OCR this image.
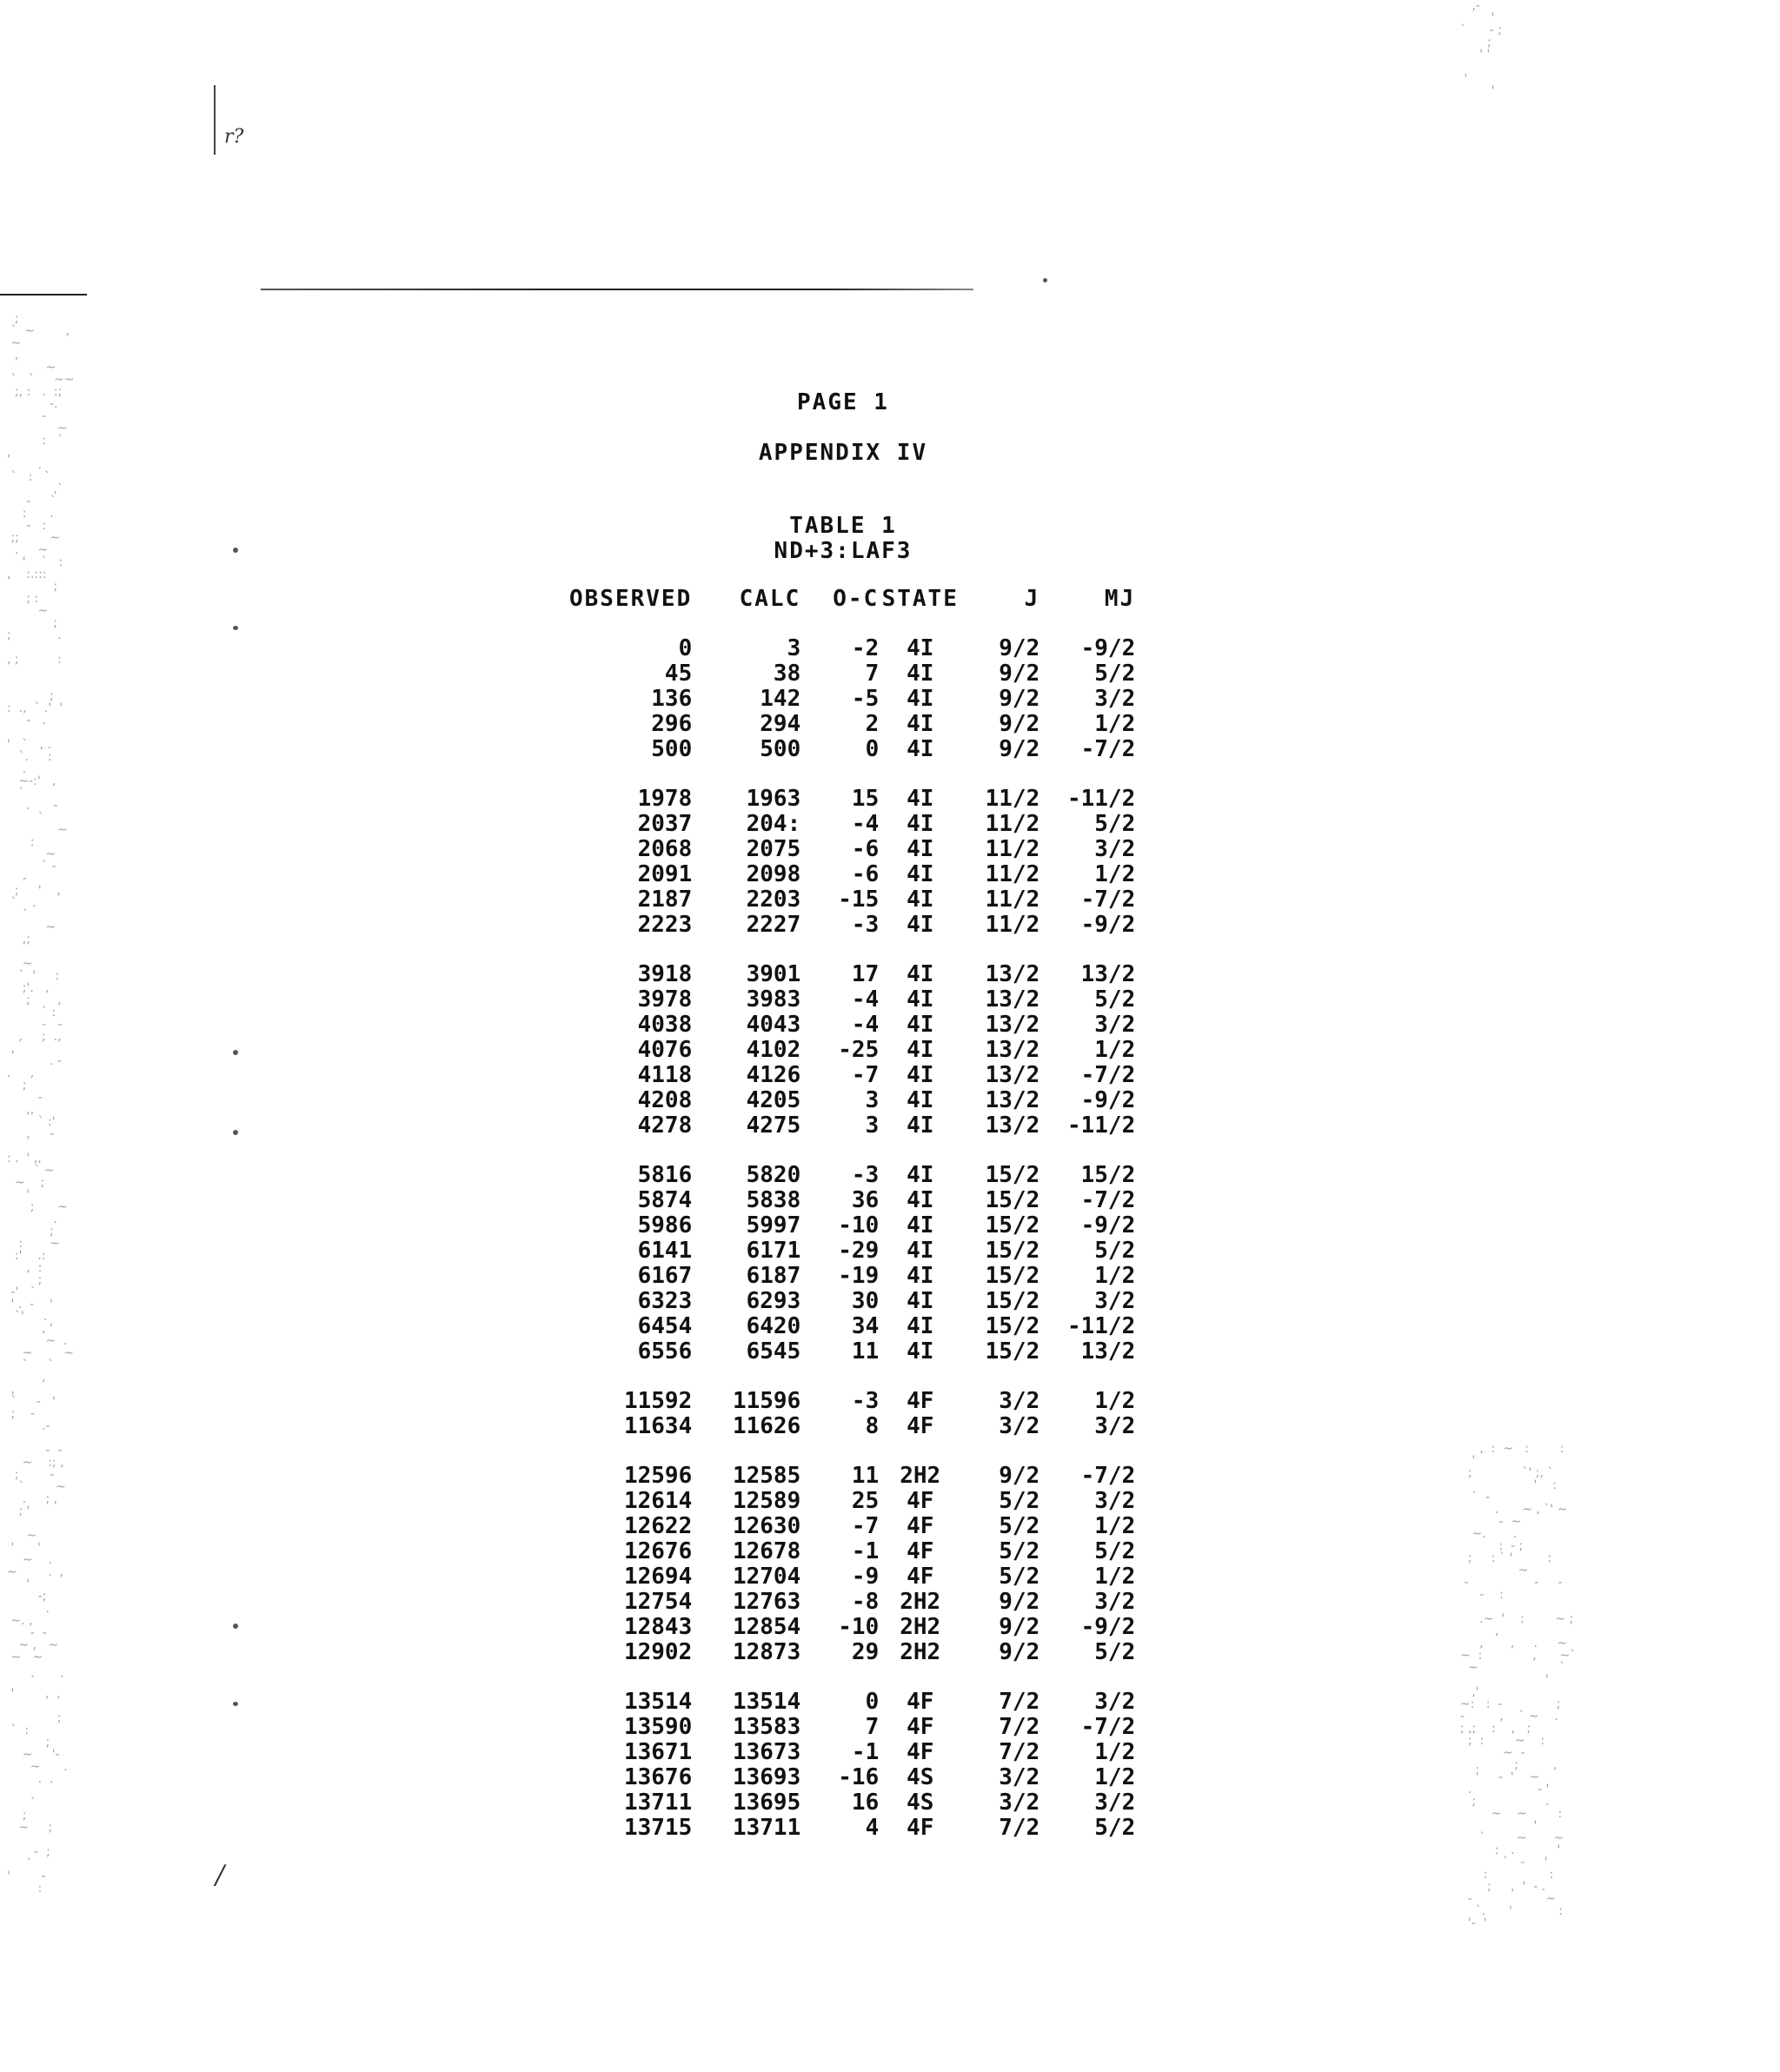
r?
PAGE 1
APPENDIX IV
TABLE 1
ND+3:LAF3
OBSERVED	CALC	O-C	STATE	J	MJ
0	3	-2	4I	9/2	-9/2
45	38	7	4I	9/2	5/2
136	142	-5	4I	9/2	3/2
296	294	2	4I	9/2	1/2
500	500	0	4I	9/2	-7/2

1978	1963	15	4I	11/2	-11/2
2037	204:	-4	4I	11/2	5/2
2068	2075	-6	4I	11/2	3/2
2091	2098	-6	4I	11/2	1/2
2187	2203	-15	4I	11/2	-7/2
2223	2227	-3	4I	11/2	-9/2

3918	3901	17	4I	13/2	13/2
3978	3983	-4	4I	13/2	5/2
4038	4043	-4	4I	13/2	3/2
4076	4102	-25	4I	13/2	1/2
4118	4126	-7	4I	13/2	-7/2
4208	4205	3	4I	13/2	-9/2
4278	4275	3	4I	13/2	-11/2

5816	5820	-3	4I	15/2	15/2
5874	5838	36	4I	15/2	-7/2
5986	5997	-10	4I	15/2	-9/2
6141	6171	-29	4I	15/2	5/2
6167	6187	-19	4I	15/2	1/2
6323	6293	30	4I	15/2	3/2
6454	6420	34	4I	15/2	-11/2
6556	6545	11	4I	15/2	13/2

11592	11596	-3	4F	3/2	1/2
11634	11626	8	4F	3/2	3/2

12596	12585	11	2H2	9/2	-7/2
12614	12589	25	4F	5/2	3/2
12622	12630	-7	4F	5/2	1/2
12676	12678	-1	4F	5/2	5/2
12694	12704	-9	4F	5/2	1/2
12754	12763	-8	2H2	9/2	3/2
12843	12854	-10	2H2	9/2	-9/2
12902	12873	29	2H2	9/2	5/2

13514	13514	0	4F	7/2	3/2
13590	13583	7	4F	7/2	-7/2
13671	13673	-1	4F	7/2	1/2
13676	13693	-16	4S	3/2	1/2
13711	13695	16	4S	3/2	3/2
13715	13711	4	4F	7/2	5/2
;
`  ~        ,
~
,
~
`   `     ~~
;, :   .  :;
-.
-
~
:   `
,
.
`   :   `
,`
-     `
:      .
-   :
;;        ~
.     ~
'    `   :
,    :.:::
;
; :
~
;
;            .

, ;          :

;
:  .,  ` .'  '
-   .

'   `   , .
`.     :
.
~-:'   ,
`
.      -
`
~
:
~
` -
-
;     '    ,
`    .
`
~
,;

~
`  '     :
;'.   ,
;       ,
` :
-   -
,     ;  .,
,
. -
.     ,
;
-
,,
` :'
,     -

: .  ' ,,
` ~
~    ;
'
;      ~
.
;
:       ~
:'    .:
,  :
;
-'   `
' .  -    '
`'     .
, '
~  .
~        ~
`     `
,
,
`     -   '
;    -
.-

-  -
~    :; ,
;        -
`        ~
.     ; ,
; '

~
'      '
~    .
~        .  ,
'
-;
.
~. ,
-  -
~ ,   ~
~   ~

`      `
'        ,  ,

;
`  :
;
~     '-
~      .
.  .

`
;
~     ;

-  ;
`
'        -
:

,-
'
`      - ;
;
' '

'
'

,  :  ~   :        :
'
;             `' ;, `
'    :
`  -
.      ~ , `' ~
-  ~
~.       .
:  - ;
;     : ` '         :
~
-                 -     -
-    :

.~  '    :        ~ ;
,
,       ,     .     ~
~  :             ,      ~`
~                     `
'
,'
~:   :  -              ;
-         ,    ` ~    .
; ,;    :    ,   ;
;  :        ~    :
~  -
.         ;         ,
'     -  '    ~
.                 - '
;                  .
~    ~        :
'
`        ~       ~
:   .           '
`   -     '
:                :
;     ,  '  - .
-                   ~
`.      '            :
'-  '

/
